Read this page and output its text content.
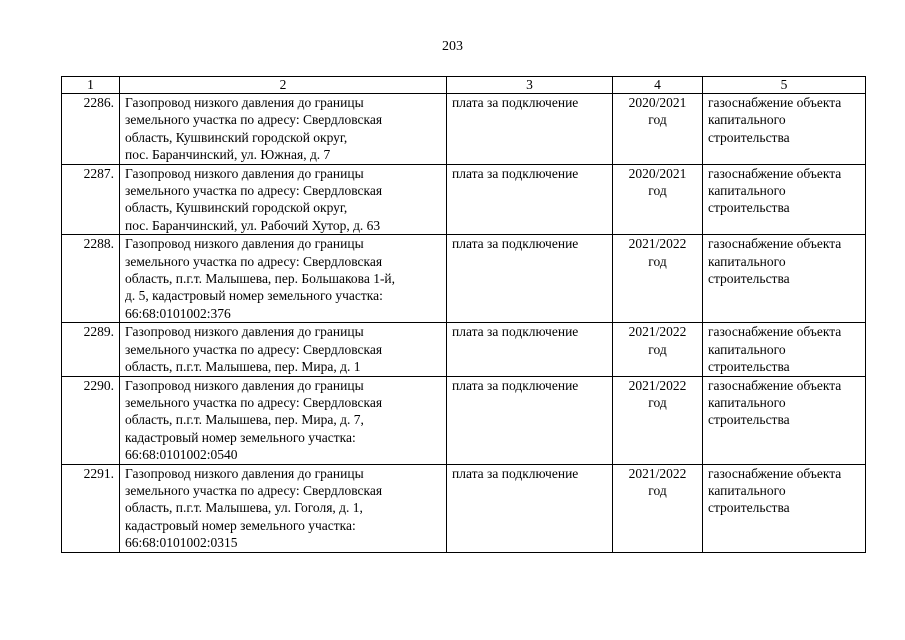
203
1	2	3	4	5
2286.	Газопровод низкого давления до границы
земельного участка по адресу: Свердловская
область, Кушвинский городской округ,
пос. Баранчинский, ул. Южная, д. 7	плата за подключение	2020/2021
год	газоснабжение объекта
капитального
строительства

2287.	Газопровод низкого давления до границы
земельного участка по адресу: Свердловская
область, Кушвинский городской округ,
пос. Баранчинский, ул. Рабочий Хутор, д. 63	плата за подключение	2020/2021
год	газоснабжение объекта
капитального
строительства

2288.	Газопровод низкого давления до границы
земельного участка по адресу: Свердловская
область, п.г.т. Малышева, пер. Большакова 1-й,
д. 5, кадастровый номер земельного участка:
66:68:0101002:376	плата за подключение	2021/2022
год	газоснабжение объекта
капитального
строительства

2289.	Газопровод низкого давления до границы
земельного участка по адресу: Свердловская
область, п.г.т. Малышева, пер. Мира, д. 1	плата за подключение	2021/2022
год	газоснабжение объекта
капитального
строительства

2290.	Газопровод низкого давления до границы
земельного участка по адресу: Свердловская
область, п.г.т. Малышева, пер. Мира, д. 7,
кадастровый номер земельного участка:
66:68:0101002:0540	плата за подключение	2021/2022
год	газоснабжение объекта
капитального
строительства

2291.	Газопровод низкого давления до границы
земельного участка по адресу: Свердловская
область, п.г.т. Малышева, ул. Гоголя, д. 1,
кадастровый номер земельного участка:
66:68:0101002:0315	плата за подключение	2021/2022
год	газоснабжение объекта
капитального
строительства
